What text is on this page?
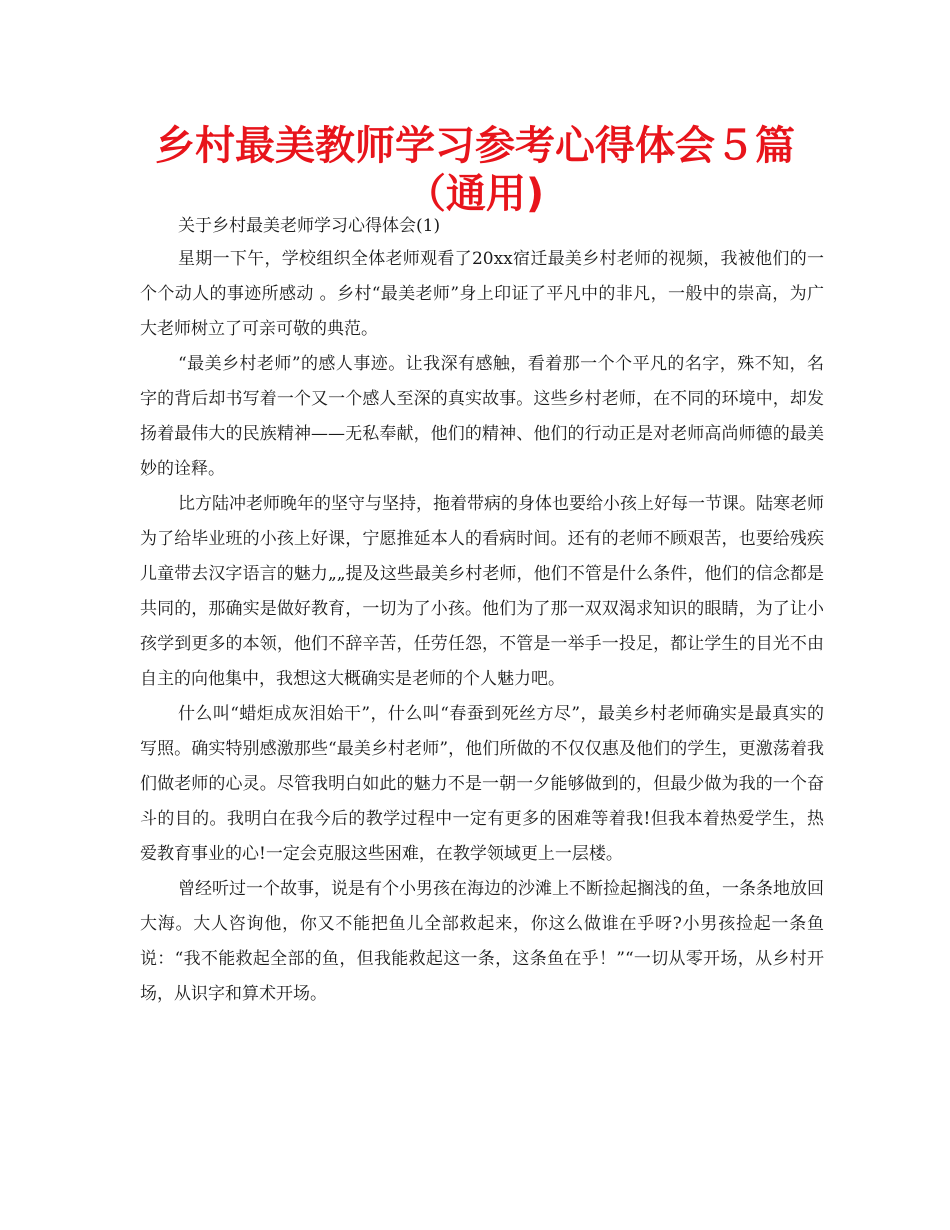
乡村最美教师学习参考心得体会５篇（通用)

关于乡村最美老师学习心得体会(1)

星期一下午，学校组织全体老师观看了20xx宿迁最美乡村老师的视频，我被他们的一个个动人的事迹所感动 。乡村“最美老师”身上印证了平凡中的非凡，一般中的崇高，为广大老师树立了可亲可敬的典范。

“最美乡村老师”的感人事迹。让我深有感触，看着那一个个平凡的名字，殊不知，名字的背后却书写着一个又一个感人至深的真实故事。这些乡村老师，在不同的环境中，却发扬着最伟大的民族精神——无私奉献，他们的精神、他们的行动正是对老师高尚师德的最美妙的诠释。

比方陆冲老师晚年的坚守与坚持，拖着带病的身体也要给小孩上好每一节课。陆寒老师为了给毕业班的小孩上好课，宁愿推延本人的看病时间。还有的老师不顾艰苦，也要给残疾儿童带去汉字语言的魅力„„提及这些最美乡村老师，他们不管是什么条件，他们的信念都是共同的，那确实是做好教育，一切为了小孩。他们为了那一双双渴求知识的眼睛，为了让小孩学到更多的本领，他们不辞辛苦，任劳任怨，不管是一举手一投足，都让学生的目光不由自主的向他集中，我想这大概确实是老师的个人魅力吧。

什么叫“蜡炬成灰泪始干”，什么叫“春蚕到死丝方尽”，最美乡村老师确实是最真实的写照。确实特别感激那些“最美乡村老师”，他们所做的不仅仅惠及他们的学生，更激荡着我们做老师的心灵。尽管我明白如此的魅力不是一朝一夕能够做到的，但最少做为我的一个奋斗的目的。我明白在我今后的教学过程中一定有更多的困难等着我!但我本着热爱学生，热爱教育事业的心!一定会克服这些困难，在教学领域更上一层楼。

曾经听过一个故事，说是有个小男孩在海边的沙滩上不断捡起搁浅的鱼，一条条地放回大海。大人咨询他，你又不能把鱼儿全部救起来，你这么做谁在乎呀?小男孩捡起一条鱼说：“我不能救起全部的鱼，但我能救起这一条，这条鱼在乎！”“一切从零开场，从乡村开场，从识字和算术开场。
